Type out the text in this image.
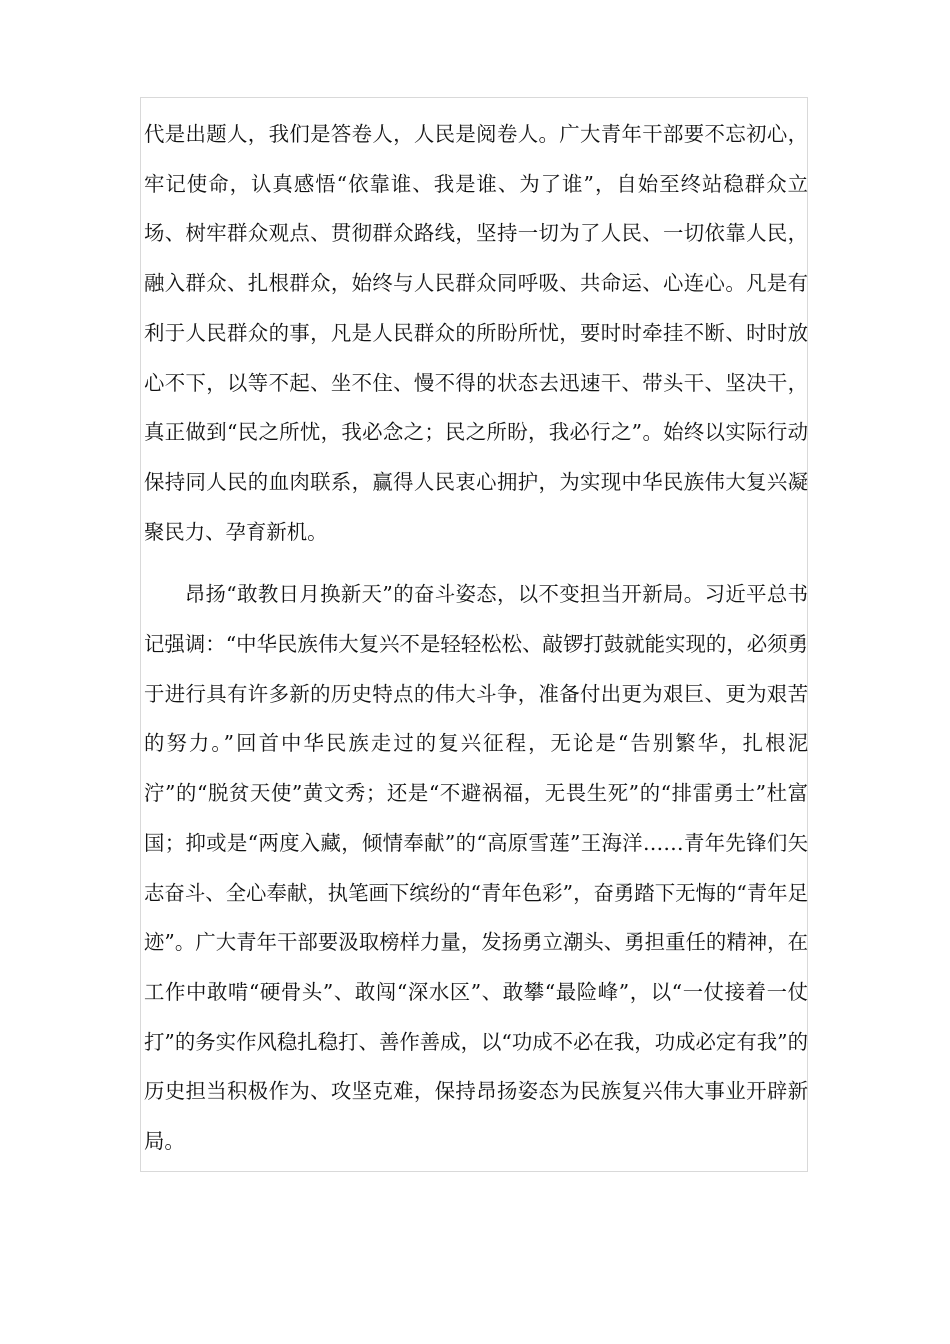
代是出题人，我们是答卷人，人民是阅卷人。广大青年干部要不忘初心，牢记使命，认真感悟“依靠谁、我是谁、为了谁”，自始至终站稳群众立场、树牢群众观点、贯彻群众路线，坚持一切为了人民、一切依靠人民，融入群众、扎根群众，始终与人民群众同呼吸、共命运、心连心。凡是有利于人民群众的事，凡是人民群众的所盼所忧，要时时牵挂不断、时时放心不下，以等不起、坐不住、慢不得的状态去迅速干、带头干、坚决干，真正做到“民之所忧，我必念之；民之所盼，我必行之”。始终以实际行动保持同人民的血肉联系，赢得人民衷心拥护，为实现中华民族伟大复兴凝聚民力、孕育新机。

昂扬“敢教日月换新天”的奋斗姿态，以不变担当开新局。习近平总书记强调：“中华民族伟大复兴不是轻轻松松、敲锣打鼓就能实现的，必须勇于进行具有许多新的历史特点的伟大斗争，准备付出更为艰巨、更为艰苦的努力。”回首中华民族走过的复兴征程，无论是“告别繁华，扎根泥泞”的“脱贫天使”黄文秀；还是“不避祸福，无畏生死”的“排雷勇士”杜富国；抑或是“两度入藏，倾情奉献”的“高原雪莲”王海洋……青年先锋们矢志奋斗、全心奉献，执笔画下缤纷的“青年色彩”，奋勇踏下无悔的“青年足迹”。广大青年干部要汲取榜样力量，发扬勇立潮头、勇担重任的精神，在工作中敢啃“硬骨头”、敢闯“深水区”、敢攀“最险峰”，以“一仗接着一仗打”的务实作风稳扎稳打、善作善成，以“功成不必在我，功成必定有我”的历史担当积极作为、攻坚克难，保持昂扬姿态为民族复兴伟大事业开辟新局。
